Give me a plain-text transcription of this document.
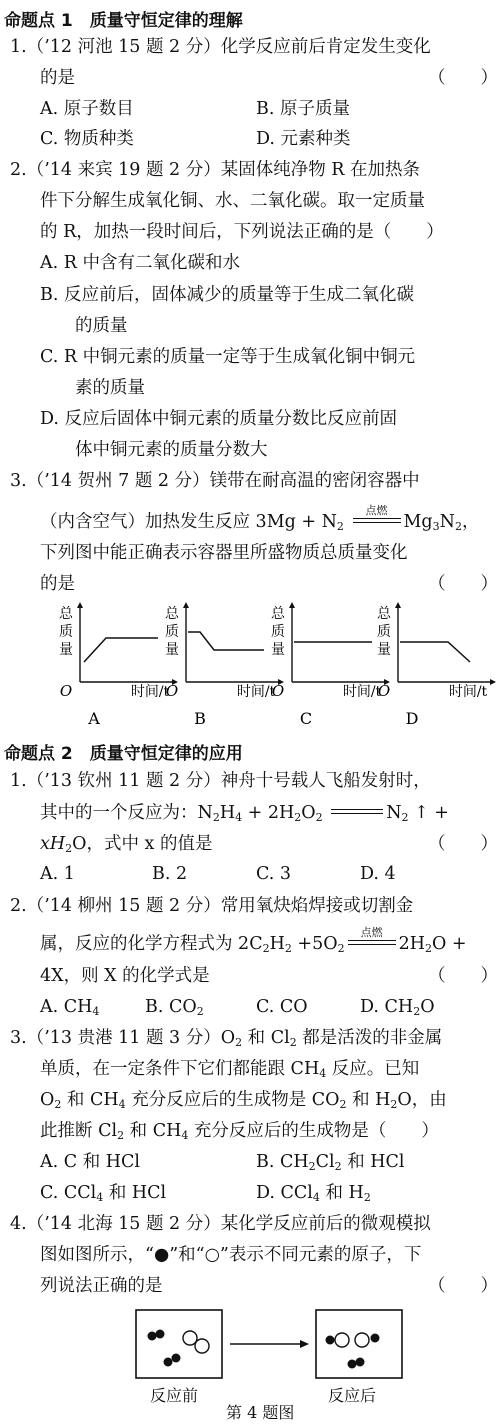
命题点 1　质量守恒定律的理解
1.（’12 河池 15 题 2 分）化学反应前后肯定发生变化
的是	（　　）
A. 原子数目	B. 原子质量
C. 物质种类	D. 元素种类
2.（’14 来宾 19 题 2 分）某固体纯净物 R 在加热条
件下分解生成氧化铜、水、二氧化碳。取一定质量
的 R，加热一段时间后，下列说法正确的是（　　）
A. R 中含有二氧化碳和水
B. 反应前后，固体减少的质量等于生成二氧化碳
的质量
C. R 中铜元素的质量一定等于生成氧化铜中铜元
素的质量
D. 反应后固体中铜元素的质量分数比反应前固
体中铜元素的质量分数大
3.（’14 贺州 7 题 2 分）镁带在耐高温的密闭容器中
（内含空气）加热发生反应 $3Mg + N_2$
点燃
$Mg_3N_2$，
下列图中能正确表示容器里所盛物质总质量变化
的是	（　　）
总
质
量
O	时间/t
A
总
质
量
O	时间/t
B
总
质
量
O	时间/t
C
总
质
量
O	时间/t
D
命题点 2　质量守恒定律的应用
1.（’13 钦州 11 题 2 分）神舟十号载人飞船发射时，
其中的一个反应为：$N_2H_4 + 2H_2O_2$	$N_2$ ↑ +
$xH_2O$，式中 x 的值是	（　　）
A. 1	B. 2	C. 3	D. 4
2.（’14 柳州 15 题 2 分）常用氧炔焰焊接或切割金
属，反应的化学方程式为 $2C_2H_2 +5O_2$
点燃
$2H_2O$ +
4X，则 X 的化学式是	（　　）
A. $CH_4$	B. $CO_2$	C. CO	D. $CH_2O$
3.（’13 贵港 11 题 3 分）$O_2$ 和 $Cl_2$ 都是活泼的非金属
单质，在一定条件下它们都能跟 $CH_4$ 反应。已知
$O_2$ 和 $CH_4$ 充分反应后的生成物是 $CO_2$ 和 $H_2O$，由
此推断 $Cl_2$ 和 $CH_4$ 充分反应后的生成物是（　　）
A. C 和 HCl	B. $CH_2Cl_2$ 和 HCl
C. CCl$_4$ 和 HCl	D. CCl$_4$ 和 $H_2$
4.（’14 北海 15 题 2 分）某化学反应前后的微观模拟
图如图所示，“●”和“○”表示不同元素的原子，下
列说法正确的是	（　　）
反应前	反应后
第 4 题图
